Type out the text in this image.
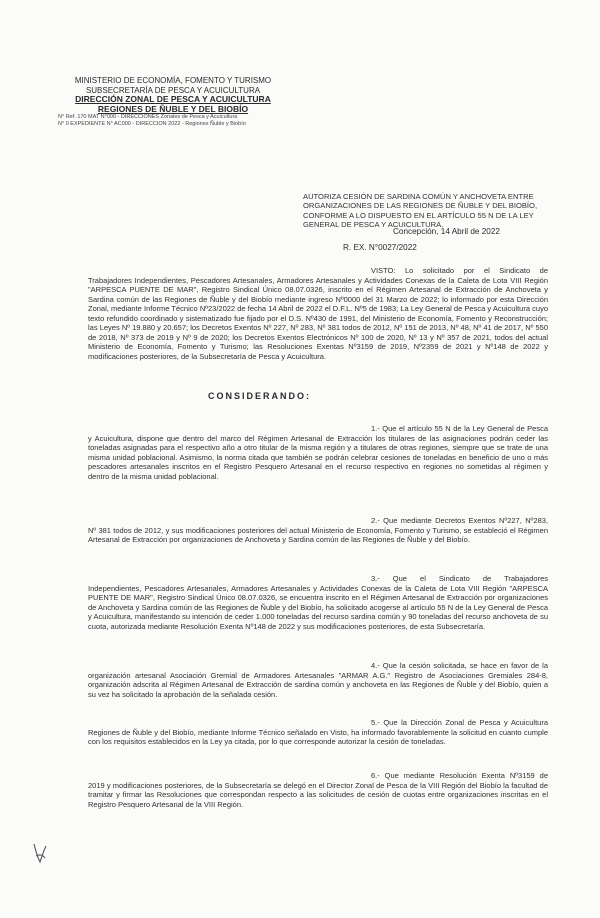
MINISTERIO DE ECONOMÍA, FOMENTO Y TURISMO
SUBSECRETARÍA DE PESCA Y ACUICULTURA
DIRECCIÓN ZONAL DE PESCA Y ACUICULTURA
REGIONES DE ÑUBLE Y DEL BIOBÍO
N° Ref. 170 MAT N°000 - DIRECCIONES Zonales de Pesca y Acuicultura
N° 0 EXPEDIENTE N° AC000 - DIRECCION 2022 - Regiones Ñuble y Biobío
AUTORIZA CESIÓN DE SARDINA COMÚN Y ANCHOVETA ENTRE ORGANIZACIONES DE LAS REGIONES DE ÑUBLE Y DEL BIOBÍO, CONFORME A LO DISPUESTO EN EL ARTÍCULO 55 N DE LA LEY GENERAL DE PESCA Y ACUICULTURA.
Concepción, 14 Abril de 2022
R. EX. N°0027/2022

VISTO: Lo solicitado por el Sindicato de Trabajadores Independientes, Pescadores Artesanales, Armadores Artesanales y Actividades Conexas de la Caleta de Lota VIII Región "ARPESCA PUENTE DE MAR", Registro Sindical Único 08.07.0326, inscrito en el Régimen Artesanal de Extracción de Anchoveta y Sardina común de las Regiones de Ñuble y del Biobío mediante ingreso Nº0000 del 31 Marzo de 2022; lo informado por esta Dirección Zonal, mediante Informe Técnico Nº23/2022 de fecha 14 Abril de 2022 el D.F.L. Nº5 de 1983; La Ley General de Pesca y Acuicultura cuyo texto refundido coordinado y sistematizado fue fijado por el D.S. Nº430 de 1991, del Ministerio de Economía, Fomento y Reconstrucción; las Leyes Nº 19.880 y 20.657; los Decretos Exentos Nº 227, Nº 283, Nº 381 todos de 2012, Nº 151 de 2013, Nº 48, Nº 41 de 2017, Nº 550 de 2018, Nº 373 de 2019 y Nº 9 de 2020; los Decretos Exentos Electrónicos Nº 100 de 2020, Nº 13 y Nº 357 de 2021, todos del actual Ministerio de Economía, Fomento y Turismo; las Resoluciones Exentas Nº3159 de 2019, Nº2359 de 2021 y Nº148 de 2022 y modificaciones posteriores, de la Subsecretaría de Pesca y Acuicultura.

CONSIDERANDO:

1.- Que el artículo 55 N de la Ley General de Pesca y Acuicultura, dispone que dentro del marco del Régimen Artesanal de Extracción los titulares de las asignaciones podrán ceder las toneladas asignadas para el respectivo año a otro titular de la misma región y a titulares de otras regiones, siempre que se trate de una misma unidad poblacional. Asimismo, la norma citada que también se podrán celebrar cesiones de toneladas en beneficio de uno o más pescadores artesanales inscritos en el Registro Pesquero Artesanal en el recurso respectivo en regiones no sometidas al régimen y dentro de la misma unidad poblacional.

2.- Que mediante Decretos Exentos Nº227, Nº283, Nº 381 todos de 2012, y sus modificaciones posteriores del actual Ministerio de Economía, Fomento y Turismo, se estableció el Régimen Artesanal de Extracción por organizaciones de Anchoveta y Sardina común de las Regiones de Ñuble y del Biobío.

3.- Que el Sindicato de Trabajadores Independientes, Pescadores Artesanales, Armadores Artesanales y Actividades Conexas de la Caleta de Lota VIII Región "ARPESCA PUENTE DE MAR", Registro Sindical Único 08.07.0326, se encuentra inscrito en el Régimen Artesanal de Extracción por organizaciones de Anchoveta y Sardina común de las Regiones de Ñuble y del Biobío, ha solicitado acogerse al artículo 55 N de la Ley General de Pesca y Acuicultura, manifestando su intención de ceder 1.000 toneladas del recurso sardina común y 90 toneladas del recurso anchoveta de su cuota, autorizada mediante Resolución Exenta Nº148 de 2022 y sus modificaciones posteriores, de esta Subsecretaría.

4.- Que la cesión solicitada, se hace en favor de la organización artesanal Asociación Gremial de Armadores Artesanales "ARMAR A.G." Registro de Asociaciones Gremiales 284-8, organización adscrita al Régimen Artesanal de Extracción de sardina común y anchoveta en las Regiones de Ñuble y del Biobío, quien a su vez ha solicitado la aprobación de la señalada cesión.

5.- Que la Dirección Zonal de Pesca y Acuicultura Regiones de Ñuble y del Biobío, mediante Informe Técnico señalado en Visto, ha informado favorablemente la solicitud en cuanto cumple con los requisitos establecidos en la Ley ya citada, por lo que corresponde autorizar la cesión de toneladas.

6.- Que mediante Resolución Exenta Nº3159 de 2019 y modificaciones posteriores, de la Subsecretaría se delegó en el Director Zonal de Pesca de la VIII Región del Biobío la facultad de tramitar y firmar las Resoluciones que correspondan respecto a las solicitudes de cesión de cuotas entre organizaciones inscritas en el Registro Pesquero Artesanal de la VIII Región.
